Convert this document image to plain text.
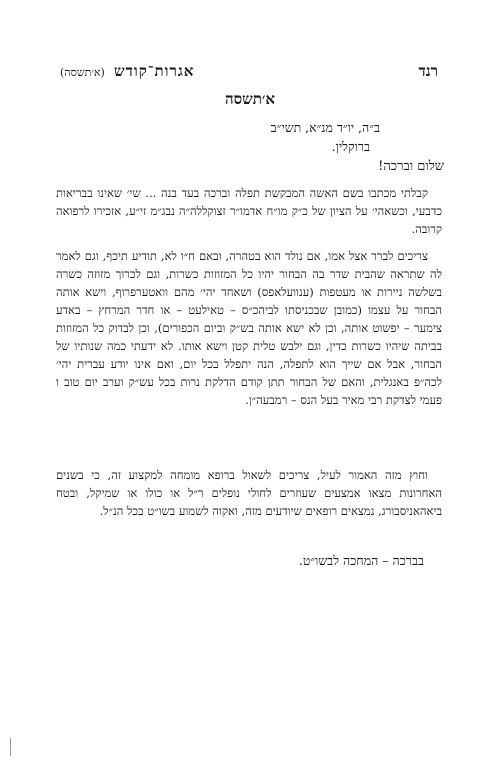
רנד
אגרות־קודש (א׳תשסה)
א׳תשסה
ב״ה, יו״ד מנ״א, תשי״ב
ברוקלין.
שלום וברכה!
קבלתי מכתבו בשם האשה המבקשת תפלה וברכה בעד בנה ... שי׳ שאינו בבריאות כדבעי, וכשאהי׳ על הציון של כ״ק מו״ח אדמו״ר זצוקללה״ה נבג״מ זי״ע, אזכירו לרפואה קרובה.
צריכים לברר אצל אמו, אם נולד הוא בטהרה, ובאם ח״ו לא, תודיע תיכף, וגם לאמר לה שתראה שהבית שדר בה הבחור יהיו כל המזוזות כשרות, וגם לכרוך מזוזה כשרה בשלשה ניירות או מעטפות (ענוועלאפס) ושאחד יהי׳ מהם וואטערפרוף, וישא אותה הבחור על עצמו (כמובן שבכניסתו לביהכ״ס – טאילעט – או חדר המרחץ – באדע צימער – יפשוט אותה, וכן לא ישא אותה בש״ק וביום הכפורים), וכן לבדוק כל המזוזות בביתה שיהיו כשרות כדין, וגם ילבש טלית קטן וישא אותו. לא ידעתי כמה שנותיו של הבחור, אבל אם שייך הוא לתפלה, הנה יתפלל בכל יום, ואם אינו יודע עברית יהי׳ לכה״פ באנגלית, והאם של הבחור תתן קודם הדלקת נרות בכל עש״ק וערב יום טוב ו פעמי לצדקת רבי מאיר בעל הנס – רמבעה״ן.
וחוץ מזה האמור לעיל, צריכים לשאול ברופא מומחה למקצוע זה, כי בשנים האחרונות מצאו אמצעים שעוזרים לחולי נופלים ר״ל או כולו או שמיקל, ובטח ביאהאניסבורג, נמצאים רופאים שיודעים מזה, ואקוה לשמוע בשו״ט בכל הנ״ל.
בברכה – המחכה לבשו״ט.
